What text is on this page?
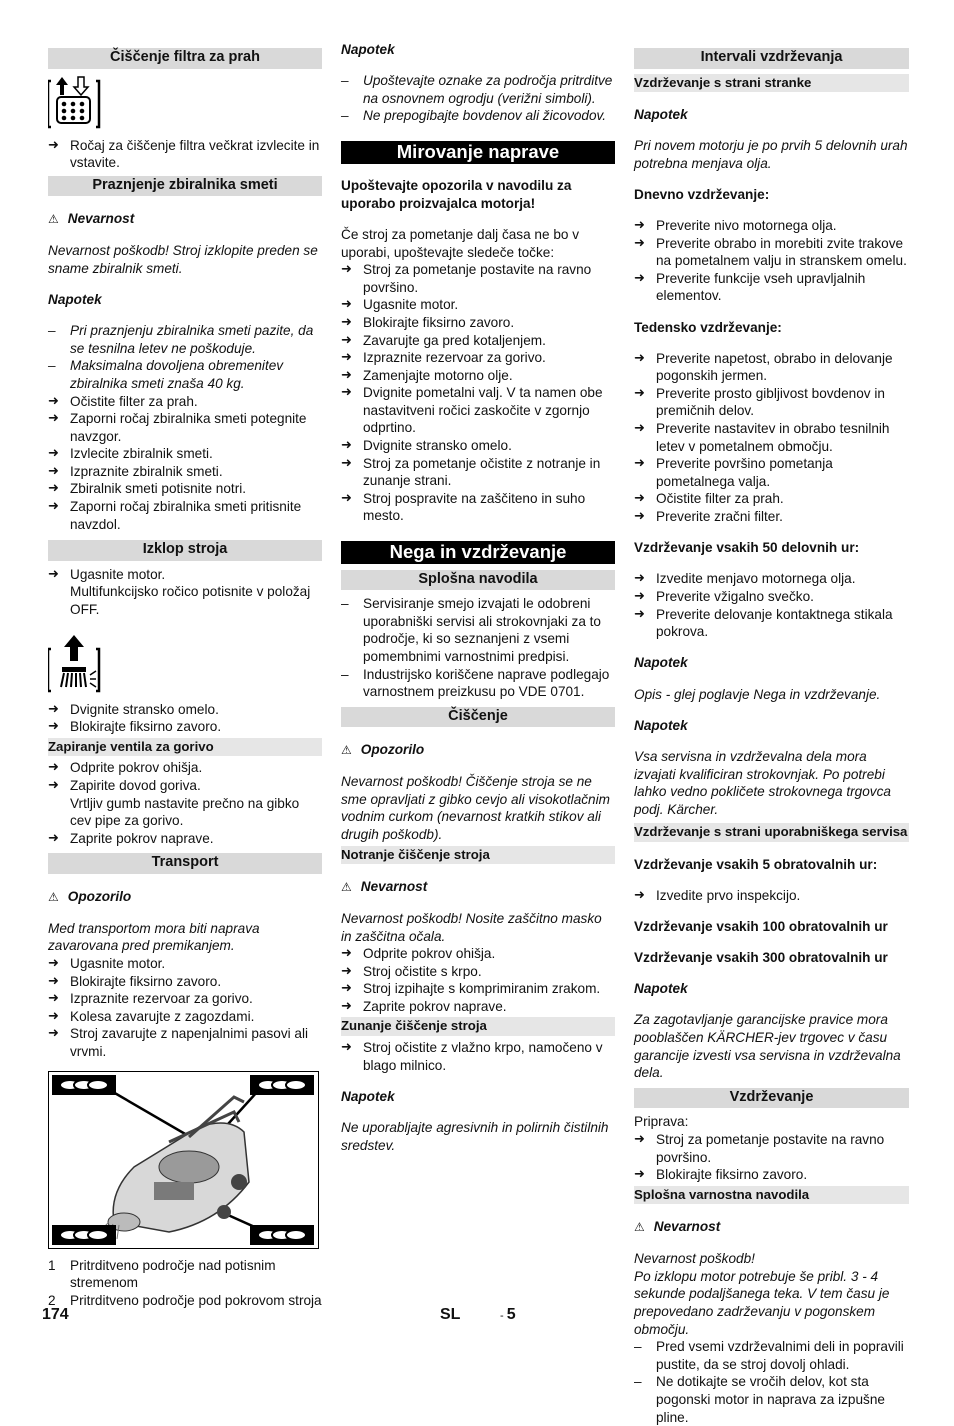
Čiščenje filtra za prah

➜ Ročaj za čiščenje filtra večkrat izvlecite in vstavite.

Praznjenje zbiralnika smeti

⚠ Nevarnost

Nevarnost poškodb! Stroj izklopite preden se sname zbiralnik smeti.

Napotek

– Pri praznjenju zbiralnika smeti pazite, da se tesnilna letev ne poškoduje.

– Maksimalna dovoljena obremenitev zbiralnika smeti znaša 40 kg.

➜ Očistite filter za prah.

➜ Zaporni ročaj zbiralnika smeti potegnite navzgor.

➜ Izvlecite zbiralnik smeti.

➜ Izpraznite zbiralnik smeti.

➜ Zbiralnik smeti potisnite notri.

➜ Zaporni ročaj zbiralnika smeti pritisnite navzdol.

Izklop stroja

➜ Ugasnite motor.

Multifunkcijsko ročico potisnite v položaj OFF.

➜ Dvignite stransko omelo.

➜ Blokirajte fiksirno zavoro.

Zapiranje ventila za gorivo

➜ Odprite pokrov ohišja.

➜ Zapirite dovod goriva.

Vrtljiv gumb nastavite prečno na gibko cev pipe za gorivo.

➜ Zaprite pokrov naprave.

Transport

⚠ Opozorilo

Med transportom mora biti naprava zavarovana pred premikanjem.

➜ Ugasnite motor.

➜ Blokirajte fiksirno zavoro.

➜ Izpraznite rezervoar za gorivo.

➜ Kolesa zavarujte z zagozdami.

➜ Stroj zavarujte z napenjalnimi pasovi ali vrvmi.

1 Pritrditveno področje nad potisnim stremenom

2 Pritrditveno področje pod pokrovom stroja

Napotek

– Upoštevajte oznake za področja pritrditve na osnovnem ogrodju (verižni simboli).

– Ne prepogibajte bovdenov ali žicovodov.

Mirovanje naprave

Upoštevajte opozorila v navodilu za uporabo proizvajalca motorja!

Če stroj za pometanje dalj časa ne bo v uporabi, upoštevajte sledeče točke:

➜ Stroj za pometanje postavite na ravno površino.

➜ Ugasnite motor.

➜ Blokirajte fiksirno zavoro.

➜ Zavarujte ga pred kotaljenjem.

➜ Izpraznite rezervoar za gorivo.

➜ Zamenjajte motorno olje.

➜ Dvignite pometalni valj. V ta namen obe nastavitveni ročici zaskočite v zgornjo odprtino.

➜ Dvignite stransko omelo.

➜ Stroj za pometanje očistite z notranje in zunanje strani.

➜ Stroj pospravite na zaščiteno in suho mesto.

Nega in vzdrževanje
Splošna navodila

– Servisiranje smejo izvajati le odobreni uporabniški servisi ali strokovnjaki za to področje, ki so seznanjeni z vsemi pomembnimi varnostnimi predpisi.

– Industrijsko koriščene naprave podlegajo varnostnem preizkusu po VDE 0701.

Čiščenje

⚠ Opozorilo

Nevarnost poškodb! Čiščenje stroja se ne sme opravljati z gibko cevjo ali visokotlačnim vodnim curkom (nevarnost kratkih stikov ali drugih poškodb).

Notranje čiščenje stroja

⚠ Nevarnost

Nevarnost poškodb! Nosite zaščitno masko in zaščitna očala.

➜ Odprite pokrov ohišja.

➜ Stroj očistite s krpo.

➜ Stroj izpihajte s komprimiranim zrakom.

➜ Zaprite pokrov naprave.

Zunanje čiščenje stroja

➜ Stroj očistite z vlažno krpo, namočeno v blago milnico.

Napotek

Ne uporabljajte agresivnih in polirnih čistilnih sredstev.

Intervali vzdrževanja
Vzdrževanje s strani stranke

Napotek

Pri novem motorju je po prvih 5 delovnih urah potrebna menjava olja.

Dnevno vzdrževanje:

➜ Preverite nivo motornega olja.

➜ Preverite obrabo in morebiti zvite trakove na pometalnem valju in stranskem omelu.

➜ Preverite funkcije vseh upravljalnih elementov.

Tedensko vzdrževanje:

➜ Preverite napetost, obrabo in delovanje pogonskih jermen.

➜ Preverite prosto gibljivost bovdenov in premičnih delov.

➜ Preverite nastavitev in obrabo tesnilnih letev v pometalnem območju.

➜ Preverite površino pometanja pometalnega valja.

➜ Očistite filter za prah.

➜ Preverite zračni filter.

Vzdrževanje vsakih 50 delovnih ur:

➜ Izvedite menjavo motornega olja.

➜ Preverite vžigalno svečko.

➜ Preverite delovanje kontaktnega stikala pokrova.

Napotek

Opis - glej poglavje Nega in vzdrževanje.

Napotek

Vsa servisna in vzdrževalna dela mora izvajati kvalificiran strokovnjak. Po potrebi lahko vedno pokličete strokovnega trgovca podj. Kärcher.

Vzdrževanje s strani uporabniškega servisa

Vzdrževanje vsakih 5 obratovalnih ur:

➜ Izvedite prvo inspekcijo.

Vzdrževanje vsakih 100 obratovalnih ur

Vzdrževanje vsakih 300 obratovalnih ur

Napotek

Za zagotavljanje garancijske pravice mora pooblaščen KÄRCHER-jev trgovec v času garancije izvesti vsa servisna in vzdrževalna dela.

Vzdrževanje

Priprava:

➜ Stroj za pometanje postavite na ravno površino.

➜ Blokirajte fiksirno zavoro.

Splošna varnostna navodila

⚠ Nevarnost

Nevarnost poškodb!

Po izklopu motor potrebuje še pribl. 3 - 4 sekunde podaljšanega teka. V tem času je prepovedano zadrževanju v pogonskem območju.

– Pred vsemi vzdrževalnimi deli in popravili pustite, da se stroj dovolj ohladi.

– Ne dotikajte se vročih delov, kot sta pogonski motor in naprava za izpušne pline.

174	SL	- 5
